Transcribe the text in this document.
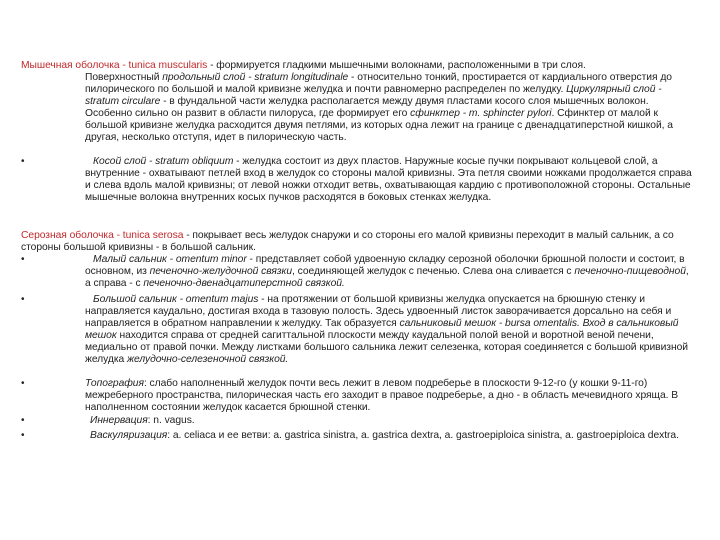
Мышечная оболочка - tunica muscularis - формируется гладкими мышечными волокнами, расположенными в три слоя.

Поверхностный продольный слой - stratum longitudinale - относительно тонкий, простирается от кардиального отверстия до пилорического по большой и малой кривизне желудка и почти равномерно распределен по желудку. Циркулярный слой - stratum circulare - в фундальной части желудка располагается между двумя пластами косого слоя мышечных волокон. Особенно сильно он развит в области пилоруса, где формирует его сфинктер - m. sphincter pylori. Сфинктер от малой к большой кривизне желудка расходится двумя петлями, из которых одна лежит на границе с двенадцатиперстной кишкой, а другая, несколько отступя, идет в пилорическую часть.

•	Косой слой - stratum obliquum - желудка состоит из двух пластов. Наружные косые пучки покрывают кольцевой слой, а внутренние - охватывают петлей вход в желудок со стороны малой кривизны. Эта петля своими ножками продолжается справа и слева вдоль малой кривизны; от левой ножки отходит ветвь, охватывающая кардию с противоположной стороны. Остальные мышечные волокна внутренних косых пучков расходятся в боковых стенках желудка.

Серозная оболочка - tunica serosa - покрывает весь желудок снаружи и со стороны его малой кривизны переходит в малый сальник, а со стороны большой кривизны - в большой сальник.

•	Малый сальник - omentum minor - представляет собой удвоенную складку серозной оболочки брюшной полости и состоит, в основном, из печеночно-желудочной связки, соединяющей желудок с печенью. Слева она сливается с печеночно-пищеводной, а справа - с печеночно-двенадцатиперстной связкой.

•	Большой сальник - omentum majus - на протяжении от большой кривизны желудка опускается на брюшную стенку и направляется каудально, достигая входа в тазовую полость. Здесь удвоенный листок заворачивается дорсально на себя и направляется в обратном направлении к желудку. Так образуется сальниковый мешок - bursa omentalis. Вход в сальниковый мешок находится справа от средней сагиттальной плоскости между каудальной полой веной и воротной веной печени, медиально от правой почки. Между листками большого сальника лежит селезенка, которая соединяется с большой кривизной желудка желудочно-селезеночной связкой.

•	Топография: слабо наполненный желудок почти весь лежит в левом подреберье в плоскости 9-12-го (у кошки 9-11-го) межреберного пространства, пилорическая часть его заходит в правое подреберье, а дно - в область мечевидного хряща. В наполненном состоянии желудок касается брюшной стенки.

•	Иннервация: n. vagus.

•	Васкуляризация: a. celiaca и ее ветви: a. gastrica sinistra, a. gastrica dextra, a. gastroepiploica sinistra, a. gastroepiploica dextra.
